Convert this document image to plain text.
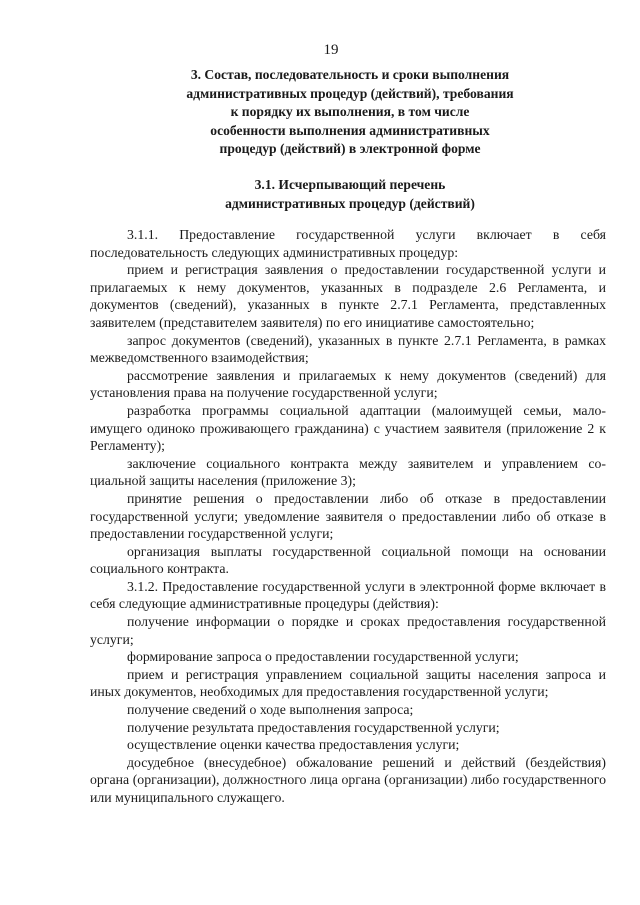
19
3. Состав, последовательность и сроки выполнения
административных процедур (действий), требования
к порядку их выполнения, в том числе
особенности выполнения административных
процедур (действий) в электронной форме
3.1. Исчерпывающий перечень
административных процедур (действий)

3.1.1. Предоставление государственной услуги включает в себя последовательность следующих административных процедур:

прием и регистрация заявления о предоставлении государственной услуги и прилагаемых к нему документов, указанных в подразделе 2.6 Регламента, и документов (сведений), указанных в пункте 2.7.1 Регламента, представленных заявителем (представителем заявителя) по его инициативе самостоятельно;

запрос документов (сведений), указанных в пункте 2.7.1 Регламента, в рамках межведомственного взаимодействия;

рассмотрение заявления и прилагаемых к нему документов (сведений) для установления права на получение государственной услуги;

разработка программы социальной адаптации (малоимущей семьи, малоимущего одиноко проживающего гражданина) с участием заявителя (приложение 2 к Регламенту);

заключение социального контракта между заявителем и управлением социальной защиты населения (приложение 3);

принятие решения о предоставлении либо об отказе в предоставлении государственной услуги; уведомление заявителя о предоставлении либо об отказе в предоставлении государственной услуги;

организация выплаты государственной социальной помощи на основании социального контракта.

3.1.2. Предоставление государственной услуги в электронной форме включает в себя следующие административные процедуры (действия):

получение информации о порядке и сроках предоставления государственной услуги;

формирование запроса о предоставлении государственной услуги;

прием и регистрация управлением социальной защиты населения запроса и иных документов, необходимых для предоставления государственной услуги;

получение сведений о ходе выполнения запроса;

получение результата предоставления государственной услуги;

осуществление оценки качества предоставления услуги;

досудебное (внесудебное) обжалование решений и действий (бездействия) органа (организации), должностного лица органа (организации) либо государственного или муниципального служащего.
